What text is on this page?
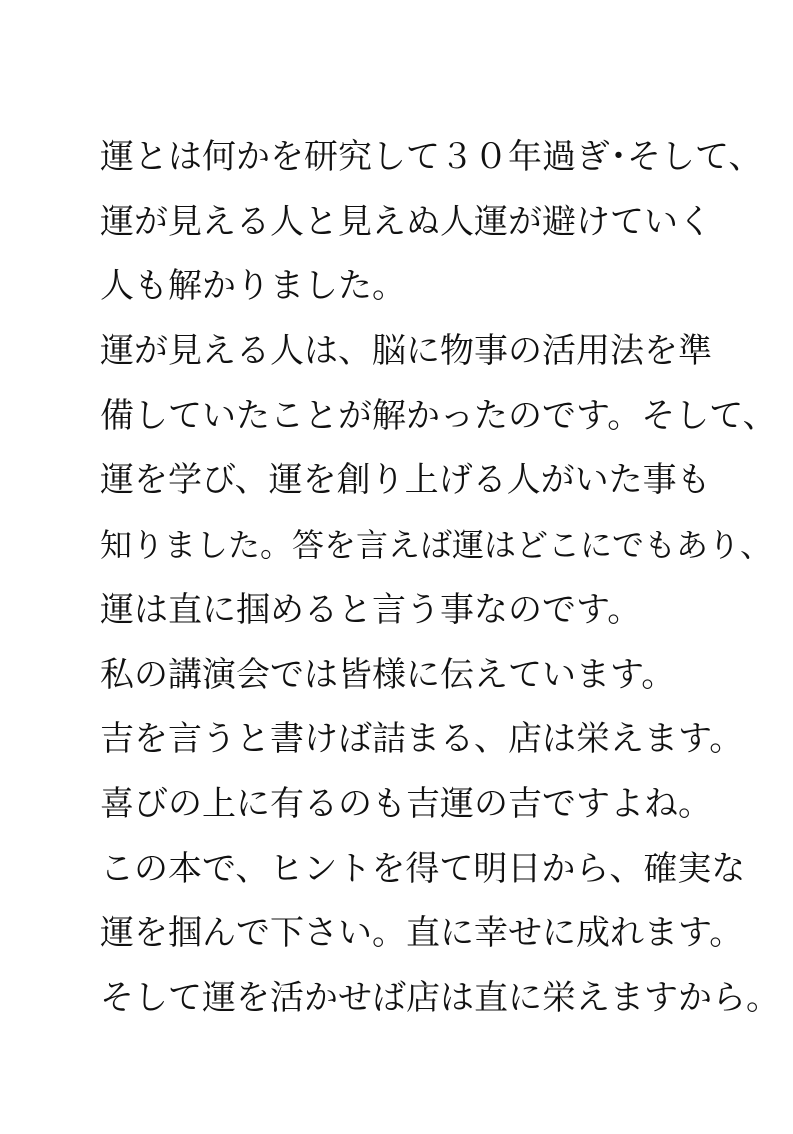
運とは何かを研究して３０年過ぎ･そして、
運が見える人と見えぬ人運が避けていく
人も解かりました。
運が見える人は、脳に物事の活用法を準
備していたことが解かったのです。そして、
運を学び、運を創り上げる人がいた事も
知りました。答を言えば運はどこにでもあり、
運は直に掴めると言う事なのです。
私の講演会では皆様に伝えています。
吉を言うと書けば詰まる、店は栄えます。
喜びの上に有るのも吉運の吉ですよね。
この本で、ヒントを得て明日から、確実な
運を掴んで下さい。直に幸せに成れます。
そして運を活かせば店は直に栄えますから。
